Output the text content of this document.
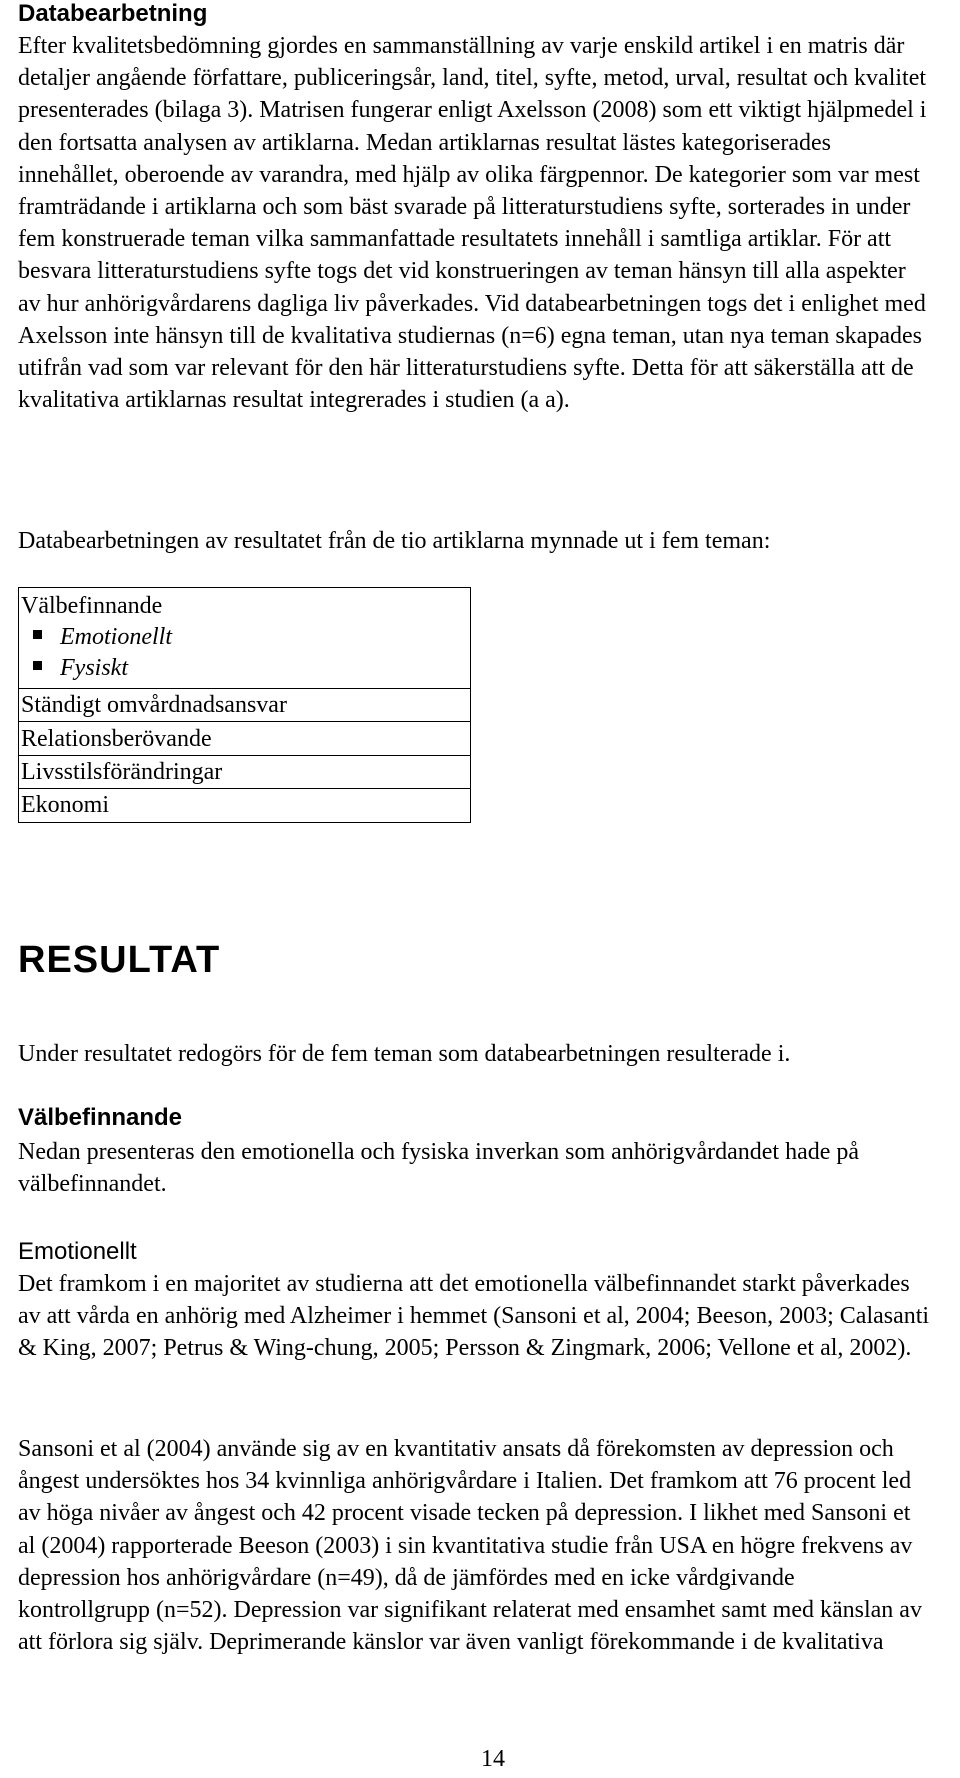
Databearbetning

Efter kvalitetsbedömning gjordes en sammanställning av varje enskild artikel i en matris där detaljer angående författare, publiceringsår, land, titel, syfte, metod, urval, resultat och kvalitet presenterades (bilaga 3). Matrisen fungerar enligt Axelsson (2008) som ett viktigt hjälpmedel i den fortsatta analysen av artiklarna. Medan artiklarnas resultat lästes kategoriserades innehållet, oberoende av varandra, med hjälp av olika färgpennor. De kategorier som var mest framträdande i artiklarna och som bäst svarade på litteraturstudiens syfte, sorterades in under fem konstruerade teman vilka sammanfattade resultatets innehåll i samtliga artiklar. För att besvara litteraturstudiens syfte togs det vid konstrueringen av teman hänsyn till alla aspekter av hur anhörigvårdarens dagliga liv påverkades. Vid databearbetningen togs det i enlighet med Axelsson inte hänsyn till de kvalitativa studiernas (n=6) egna teman, utan nya teman skapades utifrån vad som var relevant för den här litteraturstudiens syfte. Detta för att säkerställa att de kvalitativa artiklarnas resultat integrerades i studien (a a).

Databearbetningen av resultatet från de tio artiklarna mynnade ut i fem teman:

Välbefinnande
Emotionellt
Fysiskt

Ständigt omvårdnadsansvar
Relationsberövande
Livsstilsförändringar
Ekonomi
RESULTAT

Under resultatet redogörs för de fem teman som databearbetningen resulterade i.

Välbefinnande

Nedan presenteras den emotionella och fysiska inverkan som anhörigvårdandet hade på välbefinnandet.

Emotionellt

Det framkom i en majoritet av studierna att det emotionella välbefinnandet starkt påverkades av att vårda en anhörig med Alzheimer i hemmet (Sansoni et al, 2004; Beeson, 2003; Calasanti & King, 2007; Petrus & Wing-chung, 2005; Persson & Zingmark, 2006; Vellone et al, 2002).

Sansoni et al (2004) använde sig av en kvantitativ ansats då förekomsten av depression och ångest undersöktes hos 34 kvinnliga anhörigvårdare i Italien. Det framkom att 76 procent led av höga nivåer av ångest och 42 procent visade tecken på depression. I likhet med Sansoni et al (2004) rapporterade Beeson (2003) i sin kvantitativa studie från USA en högre frekvens av depression hos anhörigvårdare (n=49), då de jämfördes med en icke vårdgivande kontrollgrupp (n=52). Depression var signifikant relaterat med ensamhet samt med känslan av att förlora sig själv. Deprimerande känslor var även vanligt förekommande i de kvalitativa

14
